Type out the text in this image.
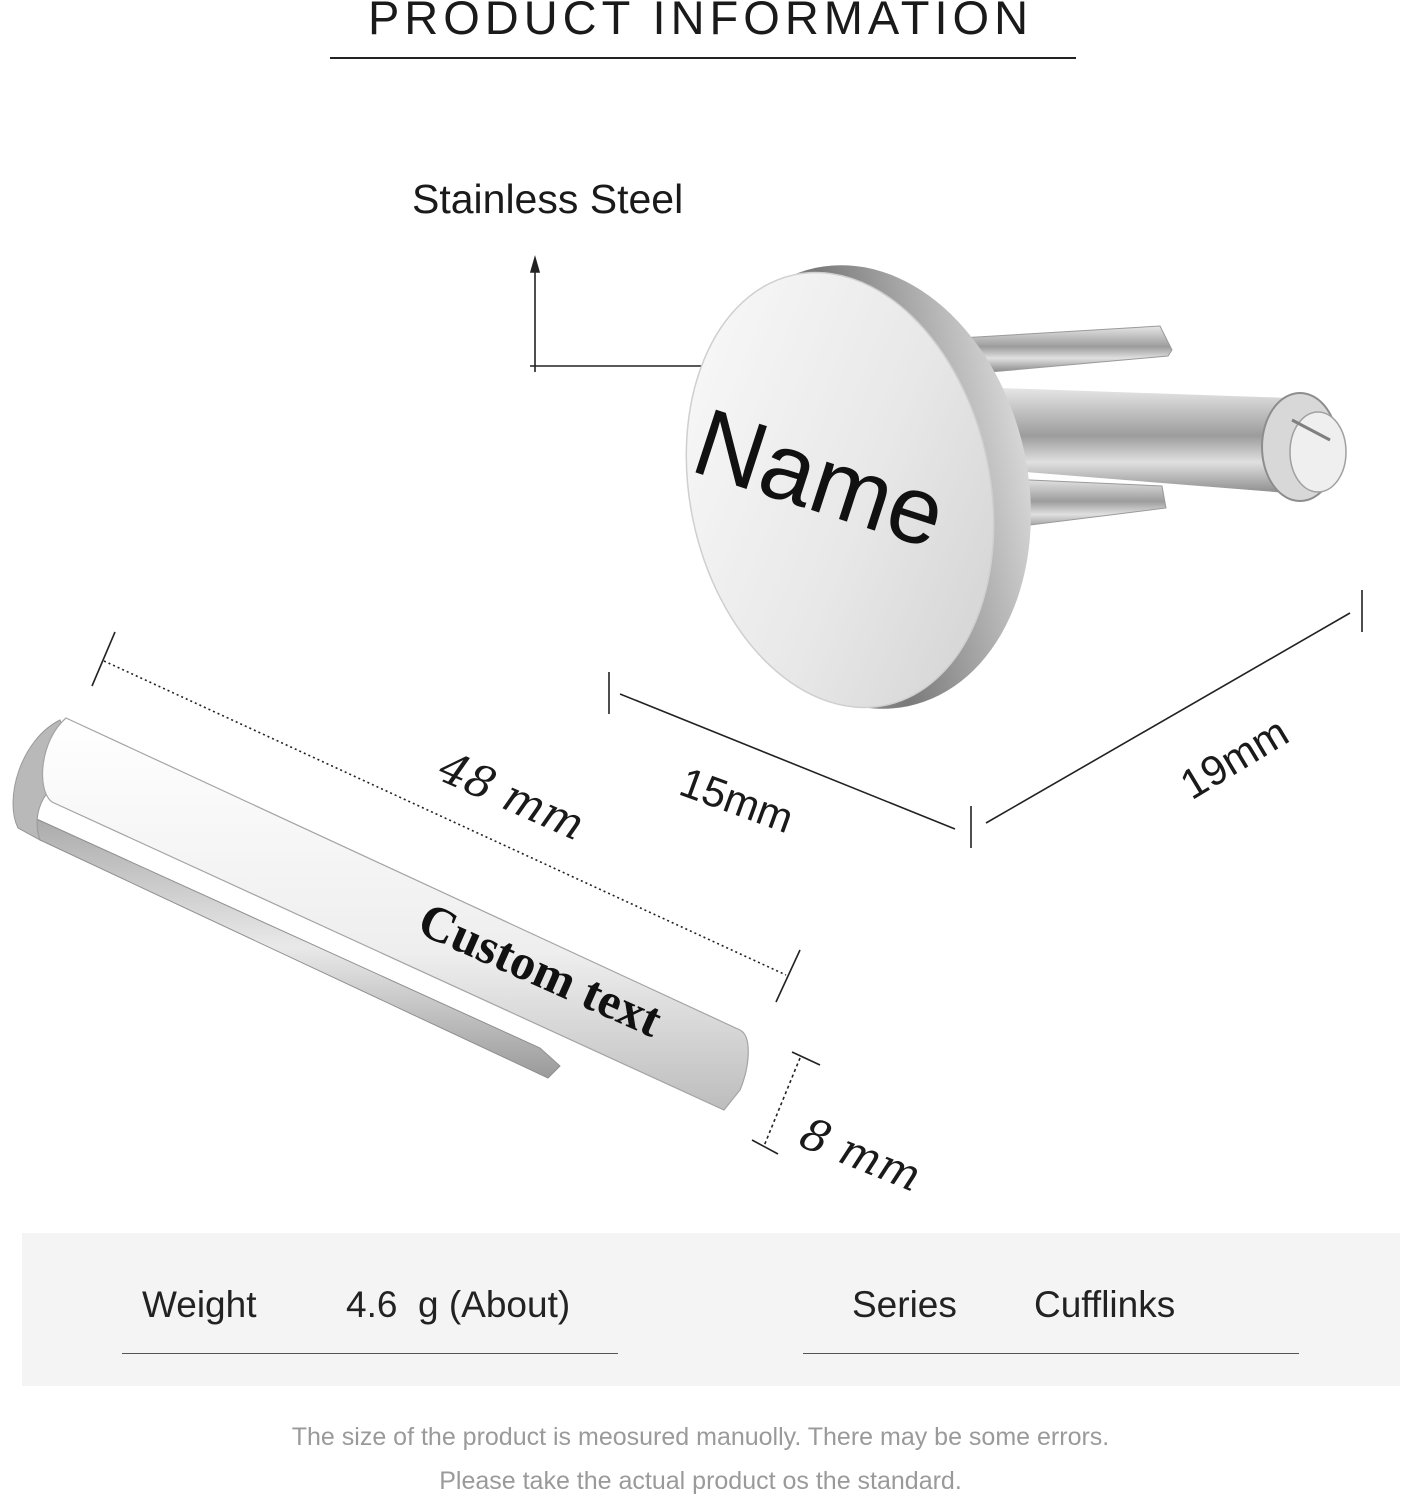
PRODUCT INFORMATION
Stainless Steel
Name
Custom text
48 mm 15mm	19mm
8 mm
Weight 4.6  g (About)	Series Cufflinks
The size of the product is meosured manuolly. There may be some errors.
Please take the actual product os the standard.
